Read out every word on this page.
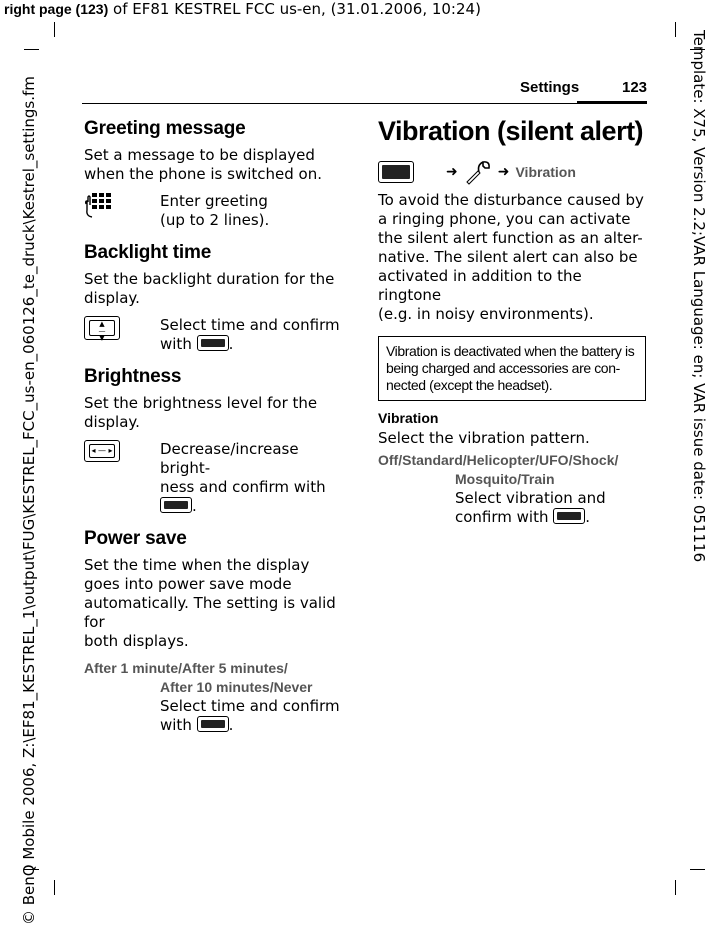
right page (123) of EF81 KESTREL FCC us-en, (31.01.2006, 10:24)
Template: X75, Version 2.2;VAR Language: en; VAR issue date: 051116
© BenQ Mobile 2006, Z:\EF81_KESTREL_1\output\FUG\KESTREL_FCC_us-en_060126_te_druck\Kestrel_settings.fm	Settings	123
Greeting message

Set a message to be displayed when the phone is switched on.

Enter greeting
(up to 2 lines).
Backlight time

Set the backlight duration for the display.

▲
—
▼
Select time and confirm
with .
Brightness

Set the brightness level for the display.

◂ — ▸	Decrease/increase bright-
ness and confirm with
.
Power save

Set the time when the display

goes into power save mode

automatically. The setting is valid for

both displays.

After 1 minute/After 5 minutes/
After 10 minutes/Never
Select time and confirm
with .
Vibration (silent alert)
➜	➜ Vibration

To avoid the disturbance caused by

a ringing phone, you can activate

the silent alert function as an alter-

native. The silent alert can also be

activated in addition to the ringtone

(e.g. in noisy environments).

Vibration is deactivated when the battery is
being charged and accessories are con-
nected (except the headset).
Vibration

Select the vibration pattern.

Off/Standard/Helicopter/UFO/Shock/
Mosquito/Train
Select vibration and
confirm with .
